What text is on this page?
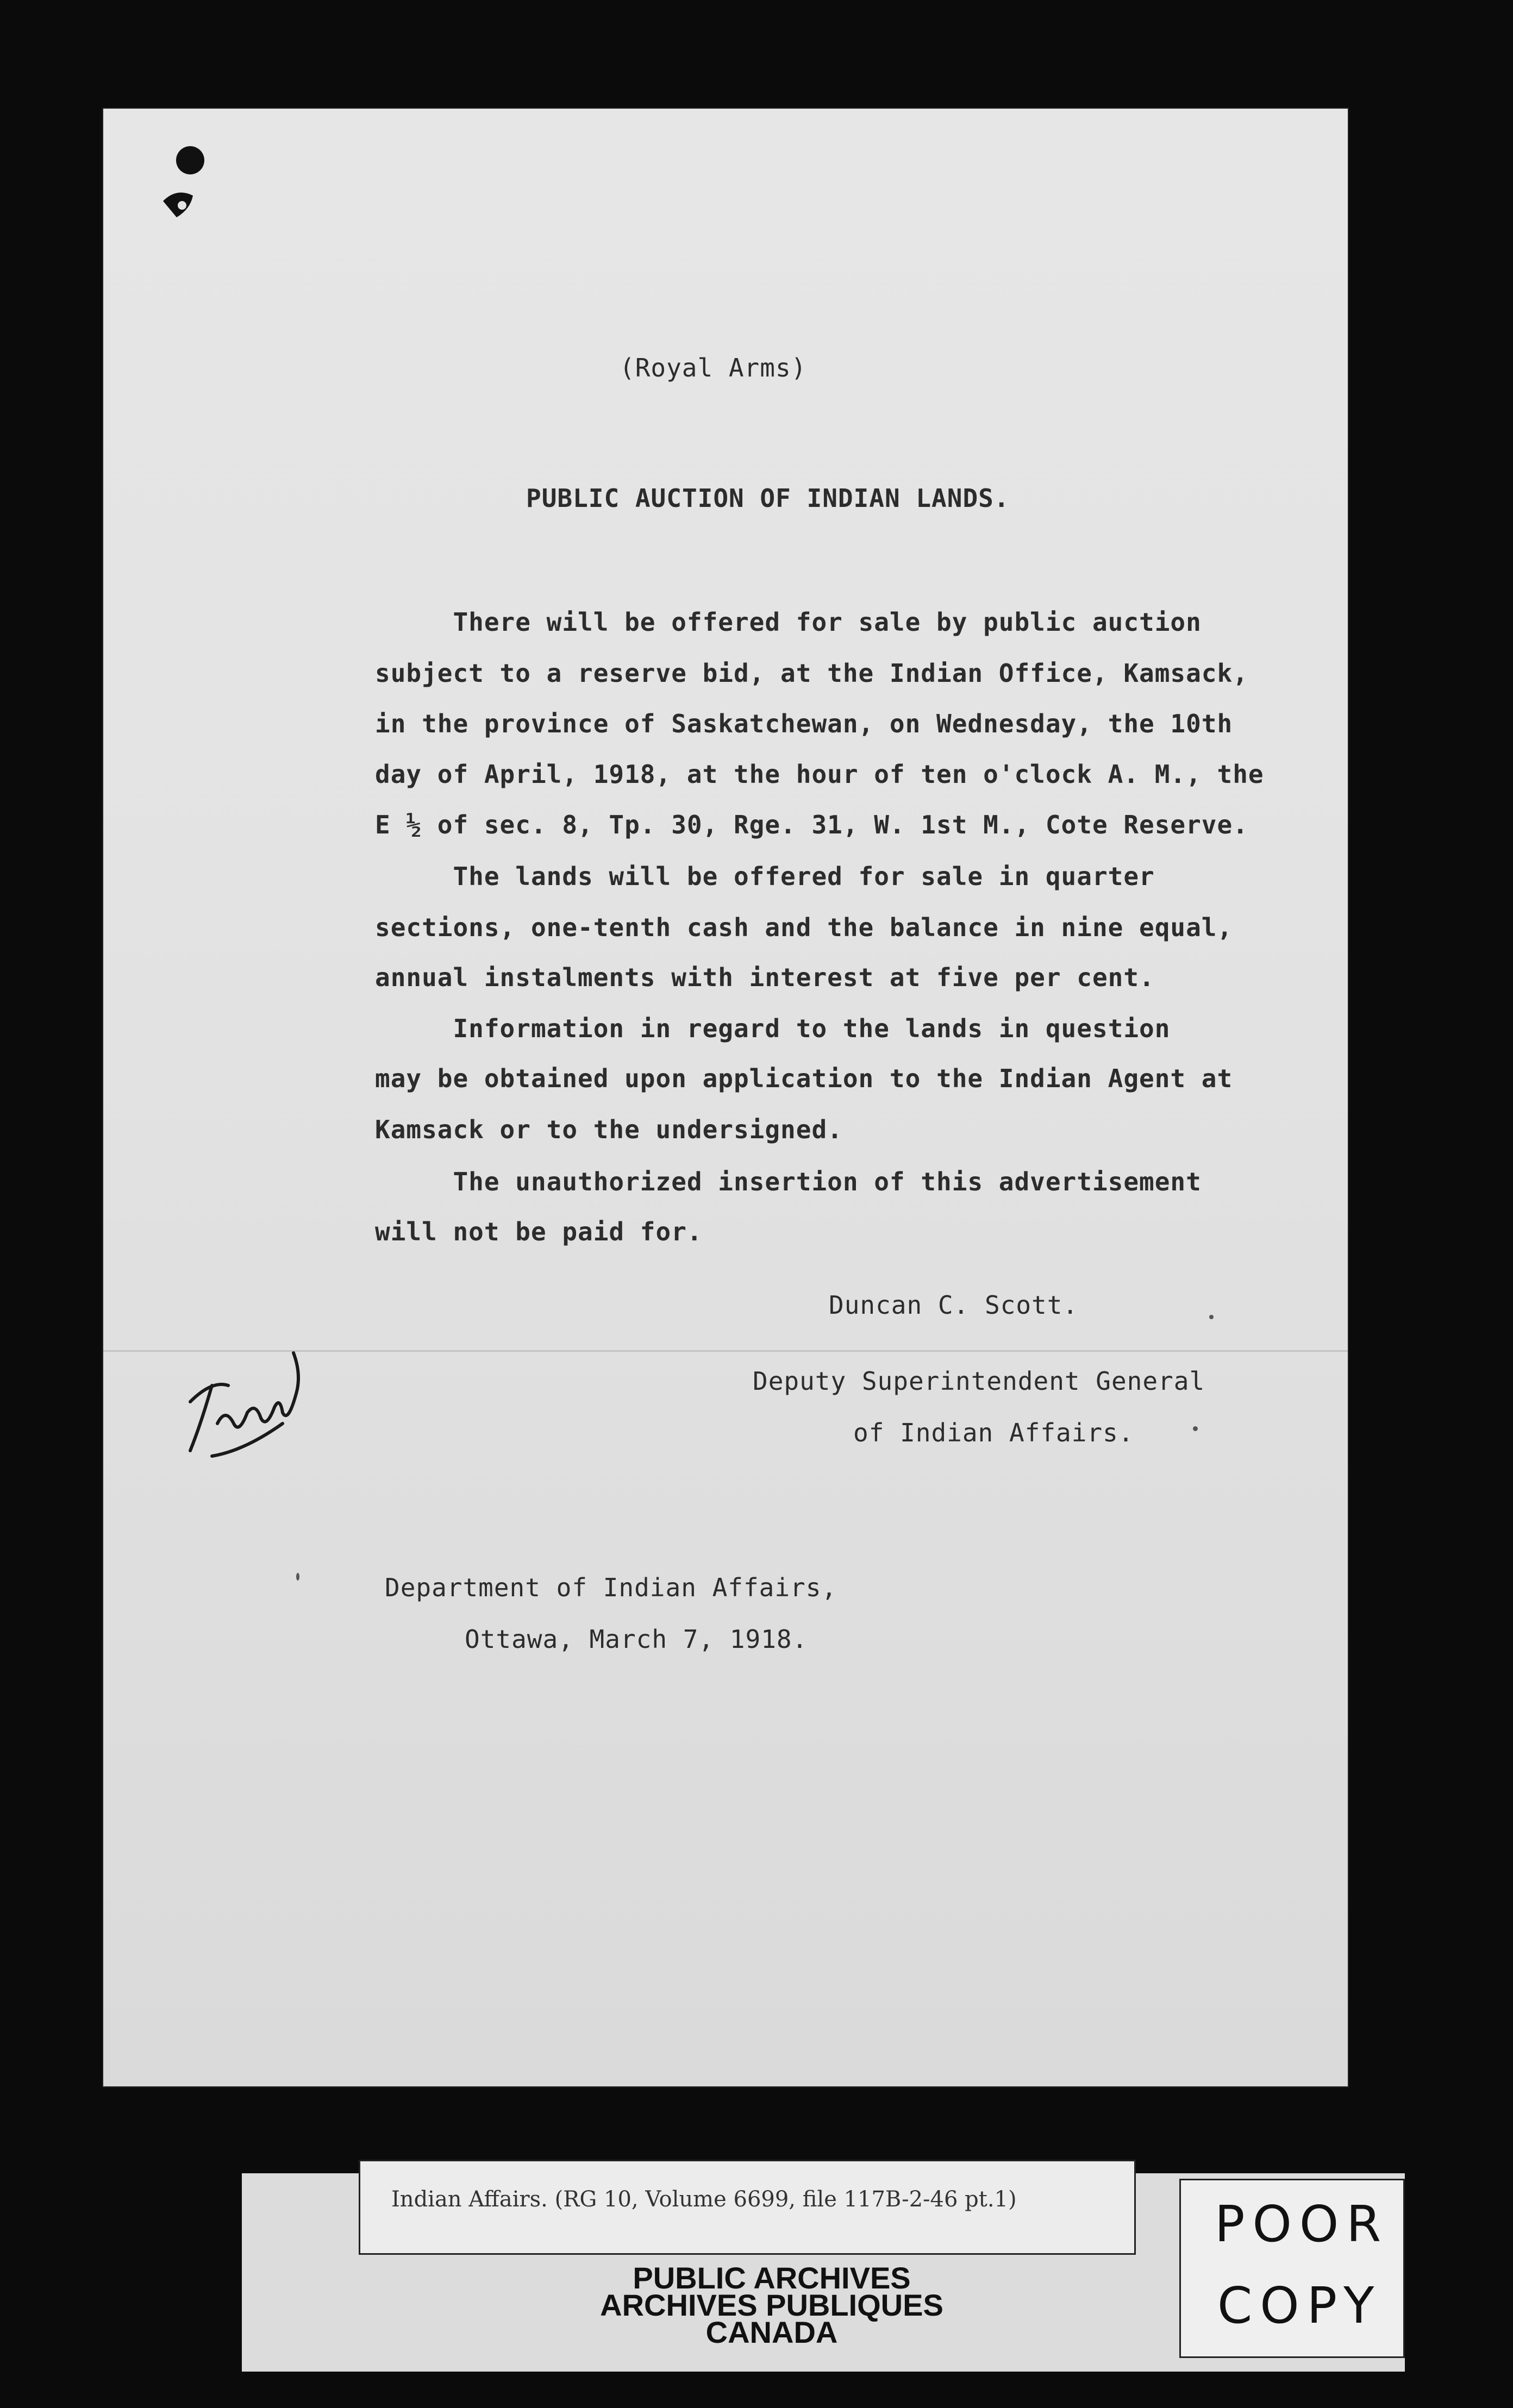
(Royal Arms)
PUBLIC AUCTION OF INDIAN LANDS.
There will be offered for sale by public auction
subject to a reserve bid, at the Indian Office, Kamsack,
in the province of Saskatchewan, on Wednesday, the 10th
day of April, 1918, at the hour of ten o'clock A. M., the
E ½ of sec. 8, Tp. 30, Rge. 31, W. 1st M., Cote Reserve.
The lands will be offered for sale in quarter
sections, one-tenth cash and the balance in nine equal,
annual instalments with interest at five per cent.
Information in regard to the lands in question
may be obtained upon application to the Indian Agent at
Kamsack or to the undersigned.
The unauthorized insertion of this advertisement
will not be paid for.
Duncan C. Scott.
Deputy Superintendent General
of Indian Affairs.
Department of Indian Affairs,
Ottawa, March 7, 1918.
Indian Affairs. (RG 10, Volume 6699, file 117B-2-46 pt.1)
PUBLIC ARCHIVES
ARCHIVES PUBLIQUES
CANADA
POOR
COPY
